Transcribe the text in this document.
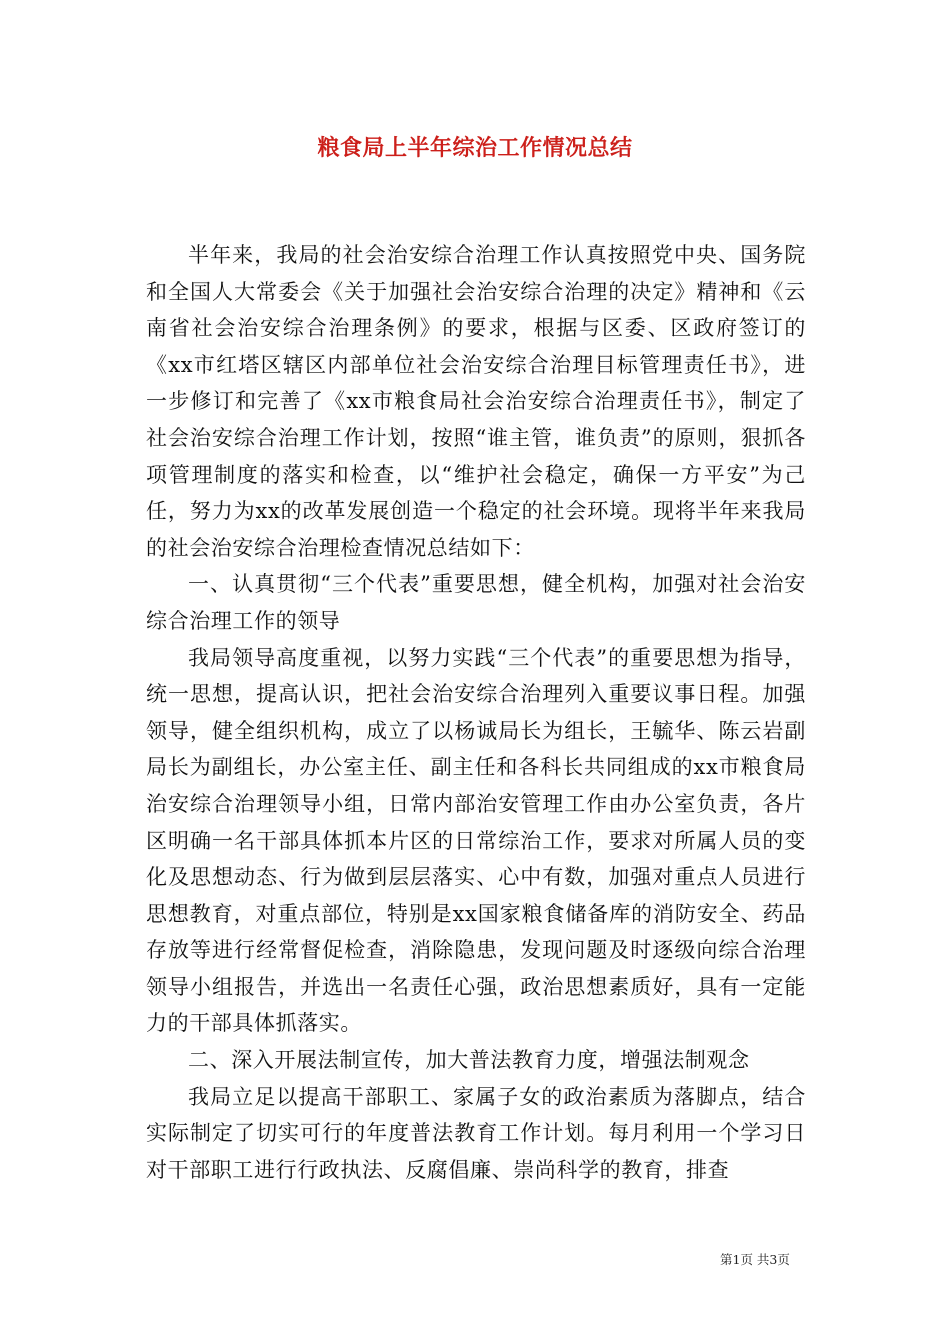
粮食局上半年综治工作情况总结

半年来，我局的社会治安综合治理工作认真按照党中央、国务院和全国人大常委会《关于加强社会治安综合治理的决定》精神和《云南省社会治安综合治理条例》的要求，根据与区委、区政府签订的《xx市红塔区辖区内部单位社会治安综合治理目标管理责任书》，进一步修订和完善了《xx市粮食局社会治安综合治理责任书》，制定了社会治安综合治理工作计划，按照“谁主管，谁负责”的原则，狠抓各项管理制度的落实和检查，以“维护社会稳定，确保一方平安”为己任，努力为xx的改革发展创造一个稳定的社会环境。现将半年来我局的社会治安综合治理检查情况总结如下：

一、认真贯彻“三个代表”重要思想，健全机构，加强对社会治安综合治理工作的领导

我局领导高度重视，以努力实践“三个代表”的重要思想为指导，统一思想，提高认识，把社会治安综合治理列入重要议事日程。加强领导，健全组织机构，成立了以杨诚局长为组长，王毓华、陈云岩副局长为副组长，办公室主任、副主任和各科长共同组成的xx市粮食局治安综合治理领导小组，日常内部治安管理工作由办公室负责，各片区明确一名干部具体抓本片区的日常综治工作，要求对所属人员的变化及思想动态、行为做到层层落实、心中有数，加强对重点人员进行思想教育，对重点部位，特别是xx国家粮食储备库的消防安全、药品存放等进行经常督促检查，消除隐患，发现问题及时逐级向综合治理领导小组报告，并选出一名责任心强，政治思想素质好，具有一定能力的干部具体抓落实。

二、深入开展法制宣传，加大普法教育力度，增强法制观念

我局立足以提高干部职工、家属子女的政治素质为落脚点，结合实际制定了切实可行的年度普法教育工作计划。每月利用一个学习日对干部职工进行行政执法、反腐倡廉、崇尚科学的教育，排查

第1页 共3页
